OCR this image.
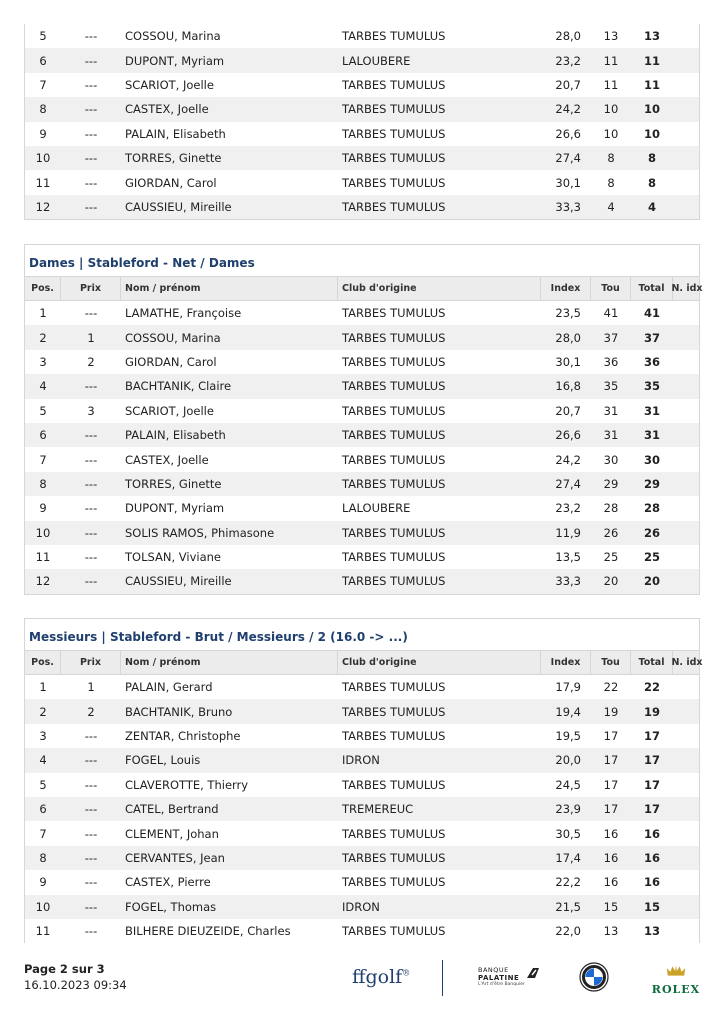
5	---	COSSOU, Marina	TARBES TUMULUS	28,0	13	13
6	---	DUPONT, Myriam	LALOUBERE	23,2	11	11
7	---	SCARIOT, Joelle	TARBES TUMULUS	20,7	11	11
8	---	CASTEX, Joelle	TARBES TUMULUS	24,2	10	10
9	---	PALAIN, Elisabeth	TARBES TUMULUS	26,6	10	10
10	---	TORRES, Ginette	TARBES TUMULUS	27,4	8	8
11	---	GIORDAN, Carol	TARBES TUMULUS	30,1	8	8
12	---	CAUSSIEU, Mireille	TARBES TUMULUS	33,3	4	4
Dames | Stableford - Net / Dames
Pos.	Prix	Nom / prénom	Club d'origine	Index	Tou	Total N. idx
1	---	LAMATHE, Françoise	TARBES TUMULUS	23,5	41	41
2	1	COSSOU, Marina	TARBES TUMULUS	28,0	37	37
3	2	GIORDAN, Carol	TARBES TUMULUS	30,1	36	36
4	---	BACHTANIK, Claire	TARBES TUMULUS	16,8	35	35
5	3	SCARIOT, Joelle	TARBES TUMULUS	20,7	31	31
6	---	PALAIN, Elisabeth	TARBES TUMULUS	26,6	31	31
7	---	CASTEX, Joelle	TARBES TUMULUS	24,2	30	30
8	---	TORRES, Ginette	TARBES TUMULUS	27,4	29	29
9	---	DUPONT, Myriam	LALOUBERE	23,2	28	28
10	---	SOLIS RAMOS, Phimasone	TARBES TUMULUS	11,9	26	26
11	---	TOLSAN, Viviane	TARBES TUMULUS	13,5	25	25
12	---	CAUSSIEU, Mireille	TARBES TUMULUS	33,3	20	20
Messieurs | Stableford - Brut / Messieurs / 2 (16.0 -> ...)
Pos.	Prix	Nom / prénom	Club d'origine	Index	Tou	Total N. idx
1	1	PALAIN, Gerard	TARBES TUMULUS	17,9	22	22
2	2	BACHTANIK, Bruno	TARBES TUMULUS	19,4	19	19
3	---	ZENTAR, Christophe	TARBES TUMULUS	19,5	17	17
4	---	FOGEL, Louis	IDRON	20,0	17	17
5	---	CLAVEROTTE, Thierry	TARBES TUMULUS	24,5	17	17
6	---	CATEL, Bertrand	TREMEREUC	23,9	17	17
7	---	CLEMENT, Johan	TARBES TUMULUS	30,5	16	16
8	---	CERVANTES, Jean	TARBES TUMULUS	17,4	16	16
9	---	CASTEX, Pierre	TARBES TUMULUS	22,2	16	16
10	---	FOGEL, Thomas	IDRON	21,5	15	15
11	---	BILHERE DIEUZEIDE, Charles	TARBES TUMULUS	22,0	13	13
Page 2 sur 3
16.10.2023 09:34	ffgolf®	BANQUE
PALATINE
L'Art d'être Banquier	ROLEX
